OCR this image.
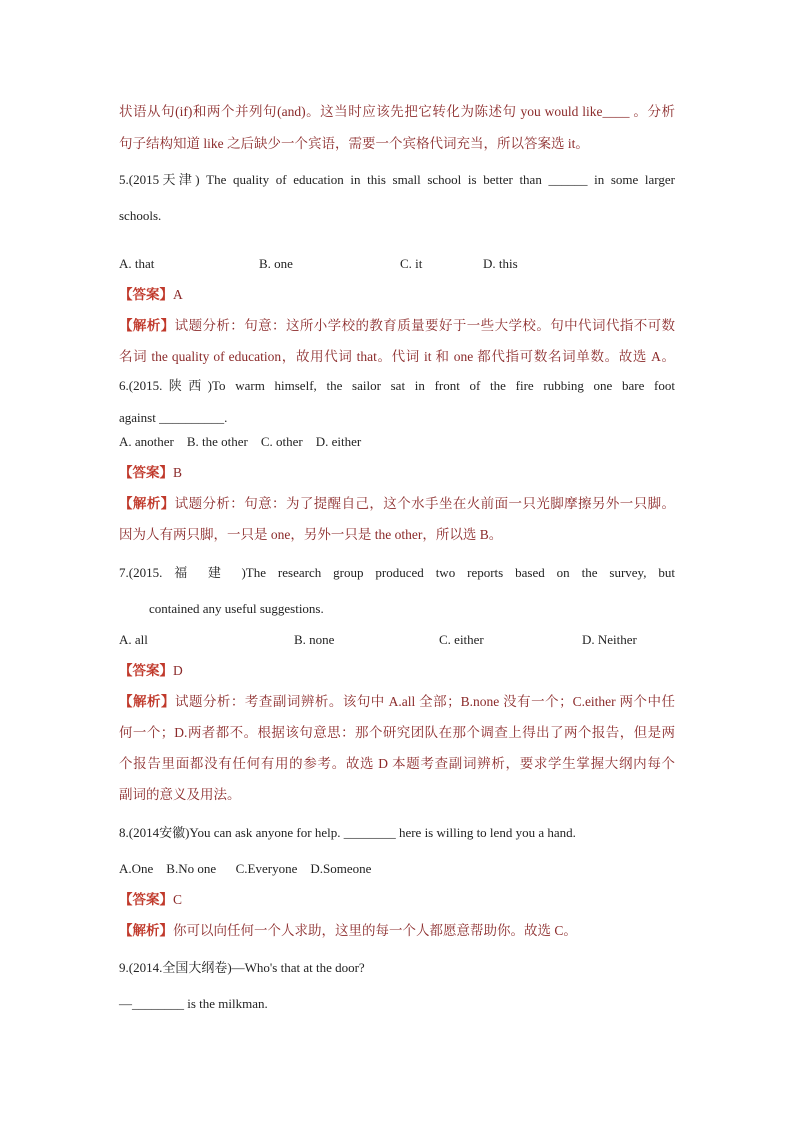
状语从句(if)和两个并列句(and)。这当时应该先把它转化为陈述句 you would like____ 。分析
句子结构知道 like 之后缺少一个宾语，需要一个宾格代词充当，所以答案选 it。
5.(2015天津) The quality of education in this small school is better than ______ in some larger
schools.
A. that	B. one	C. it	D. this
【答案】A
【解析】试题分析：句意：这所小学校的教育质量要好于一些大学校。句中代词代指不可数
名词 the quality of education，故用代词 that。代词 it 和 one 都代指可数名词单数。故选 A。
6.(2015.陕西)To warm himself, the sailor sat in front of the fire rubbing one bare foot
against __________.
A. another    B. the other    C. other    D. either
【答案】B
【解析】试题分析：句意：为了提醒自己，这个水手坐在火前面一只光脚摩擦另外一只脚。
因为人有两只脚，一只是 one，另外一只是 the other，所以选 B。
7.(2015. 福 建 )The research group produced two reports based on the survey, but
contained any useful suggestions.
A. all	B. none	C. either	D. Neither
【答案】D
【解析】试题分析：考查副词辨析。该句中 A.all 全部；B.none 没有一个；C.either 两个中任
何一个；D.两者都不。根据该句意思：那个研究团队在那个调查上得出了两个报告，但是两
个报告里面都没有任何有用的参考。故选 D 本题考查副词辨析，要求学生掌握大纲内每个
副词的意义及用法。
8.(2014安徽)You can ask anyone for help. ________ here is willing to lend you a hand.
A.One    B.No one      C.Everyone    D.Someone
【答案】C
【解析】你可以向任何一个人求助，这里的每一个人都愿意帮助你。故选 C。
9.(2014.全国大纲卷)—Who's that at the door?
—________ is the milkman.
